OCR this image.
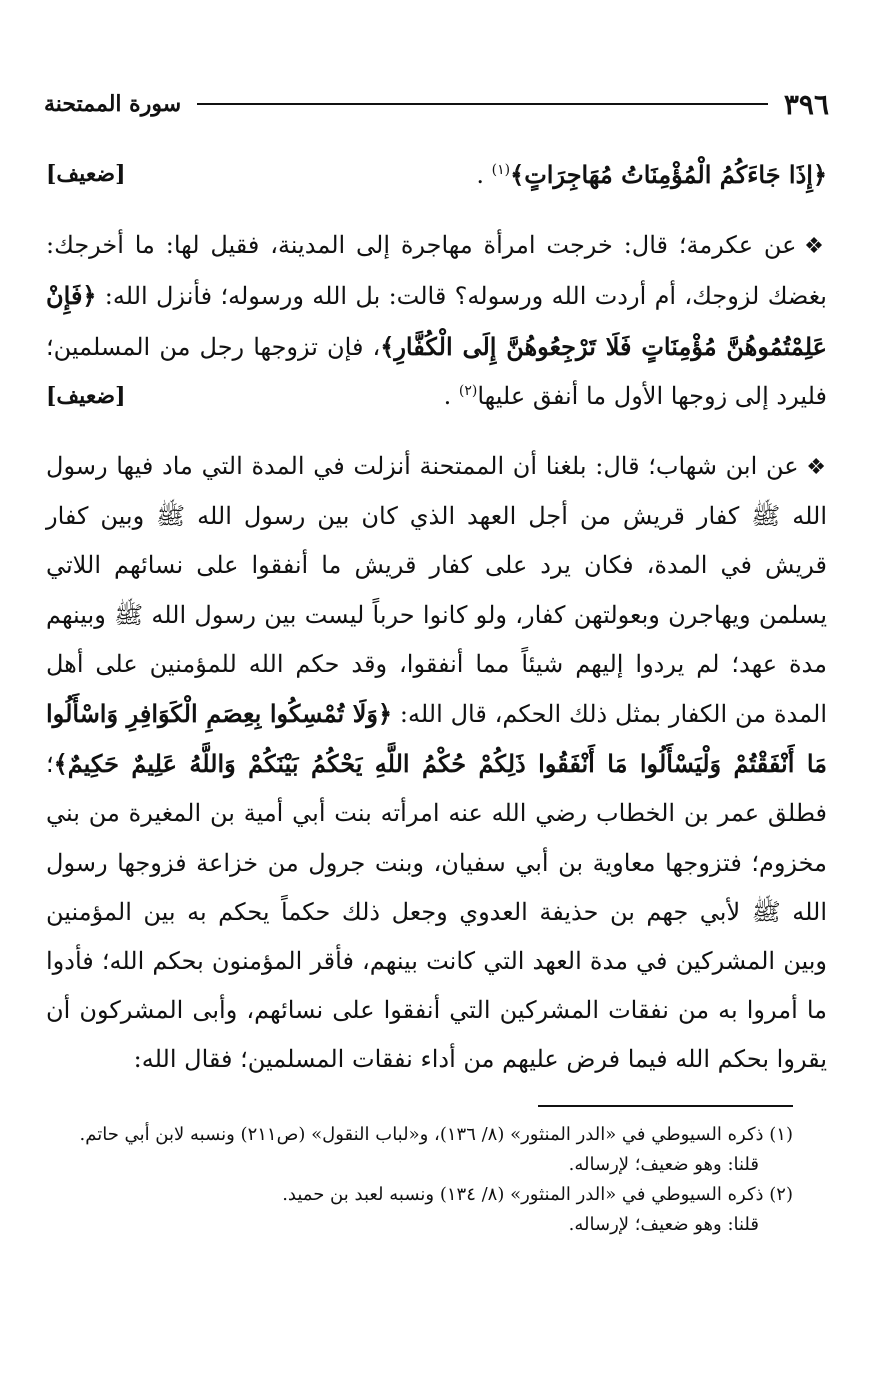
٣٩٦
سورة الممتحنة

[ضعيف]	﴿إِذَا جَاءَكُمُ الْمُؤْمِنَاتُ مُهَاجِرَاتٍ﴾$^{(١)}$ .

❖ عن عكرمة؛ قال: خرجت امرأة مهاجرة إلى المدينة، فقيل لها: ما أخرجك: بغضك لزوجك، أم أردت الله ورسوله؟ قالت: بل الله ورسوله؛ فأنزل الله: ﴿فَإِنْ عَلِمْتُمُوهُنَّ مُؤْمِنَاتٍ فَلَا تَرْجِعُوهُنَّ إِلَى الْكُفَّارِ﴾، فإن تزوجها رجل من المسلمين؛ فليرد إلى زوجها الأول ما أنفق عليها$^{(٢)}$ .
[ضعيف]

❖ عن ابن شهاب؛ قال: بلغنا أن الممتحنة أنزلت في المدة التي ماد فيها رسول الله ﷺ كفار قريش من أجل العهد الذي كان بين رسول الله ﷺ وبين كفار قريش في المدة، فكان يرد على كفار قريش ما أنفقوا على نسائهم اللاتي يسلمن ويهاجرن وبعولتهن كفار، ولو كانوا حرباً ليست بين رسول الله ﷺ وبينهم مدة عهد؛ لم يردوا إليهم شيئاً مما أنفقوا، وقد حكم الله للمؤمنين على أهل المدة من الكفار بمثل ذلك الحكم، قال الله: ﴿وَلَا تُمْسِكُوا بِعِصَمِ الْكَوَافِرِ وَاسْأَلُوا مَا أَنْفَقْتُمْ وَلْيَسْأَلُوا مَا أَنْفَقُوا ذَلِكُمْ حُكْمُ اللَّهِ يَحْكُمُ بَيْنَكُمْ وَاللَّهُ عَلِيمٌ حَكِيمٌ﴾؛ فطلق عمر بن الخطاب رضي الله عنه امرأته بنت أبي أمية بن المغيرة من بني مخزوم؛ فتزوجها معاوية بن أبي سفيان، وبنت جرول من خزاعة فزوجها رسول الله ﷺ لأبي جهم بن حذيفة العدوي وجعل ذلك حكماً يحكم به بين المؤمنين وبين المشركين في مدة العهد التي كانت بينهم، فأقر المؤمنون بحكم الله؛ فأدوا ما أمروا به من نفقات المشركين التي أنفقوا على نسائهم، وأبى المشركون أن يقروا بحكم الله فيما فرض عليهم من أداء نفقات المسلمين؛ فقال الله:

(١) ذكره السيوطي في «الدر المنثور» (٨/ ١٣٦)، و«لباب النقول» (ص٢١١) ونسبه لابن أبي حاتم.
قلنا: وهو ضعيف؛ لإرساله.

(٢) ذكره السيوطي في «الدر المنثور» (٨/ ١٣٤) ونسبه لعبد بن حميد.
قلنا: وهو ضعيف؛ لإرساله.
